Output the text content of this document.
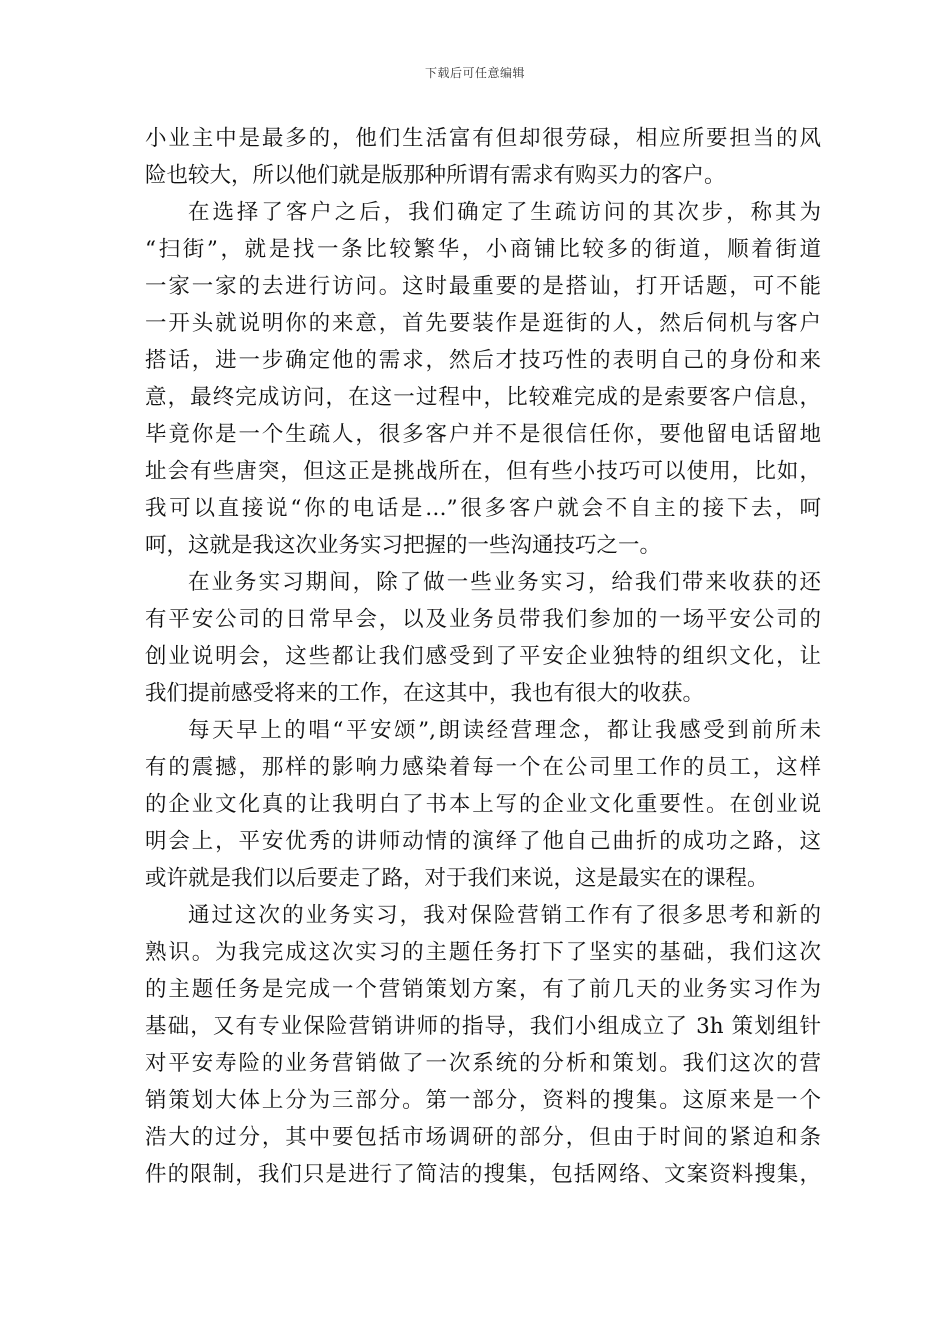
下载后可任意编辑
小业主中是最多的，他们生活富有但却很劳碌，相应所要担当的风
险也较大，所以他们就是版那种所谓有需求有购买力的客户。
在选择了客户之后，我们确定了生疏访问的其次步，称其为
“扫街”，就是找一条比较繁华，小商铺比较多的街道，顺着街道
一家一家的去进行访问。这时最重要的是搭讪，打开话题，可不能
一开头就说明你的来意，首先要装作是逛街的人，然后伺机与客户
搭话，进一步确定他的需求，然后才技巧性的表明自己的身份和来
意，最终完成访问，在这一过程中，比较难完成的是索要客户信息，
毕竟你是一个生疏人，很多客户并不是很信任你，要他留电话留地
址会有些唐突，但这正是挑战所在，但有些小技巧可以使用，比如，
我可以直接说“你的电话是…”很多客户就会不自主的接下去，呵
呵，这就是我这次业务实习把握的一些沟通技巧之一。
在业务实习期间，除了做一些业务实习，给我们带来收获的还
有平安公司的日常早会，以及业务员带我们参加的一场平安公司的
创业说明会，这些都让我们感受到了平安企业独特的组织文化，让
我们提前感受将来的工作，在这其中，我也有很大的收获。
每天早上的唱“平安颂”,朗读经营理念，都让我感受到前所未
有的震撼，那样的影响力感染着每一个在公司里工作的员工，这样
的企业文化真的让我明白了书本上写的企业文化重要性。在创业说
明会上，平安优秀的讲师动情的演绎了他自己曲折的成功之路，这
或许就是我们以后要走了路，对于我们来说，这是最实在的课程。
通过这次的业务实习，我对保险营销工作有了很多思考和新的
熟识。为我完成这次实习的主题任务打下了坚实的基础，我们这次
的主题任务是完成一个营销策划方案，有了前几天的业务实习作为
基础，又有专业保险营销讲师的指导，我们小组成立了 3h 策划组针
对平安寿险的业务营销做了一次系统的分析和策划。我们这次的营
销策划大体上分为三部分。第一部分，资料的搜集。这原来是一个
浩大的过分，其中要包括市场调研的部分，但由于时间的紧迫和条
件的限制，我们只是进行了简洁的搜集，包括网络、文案资料搜集，
